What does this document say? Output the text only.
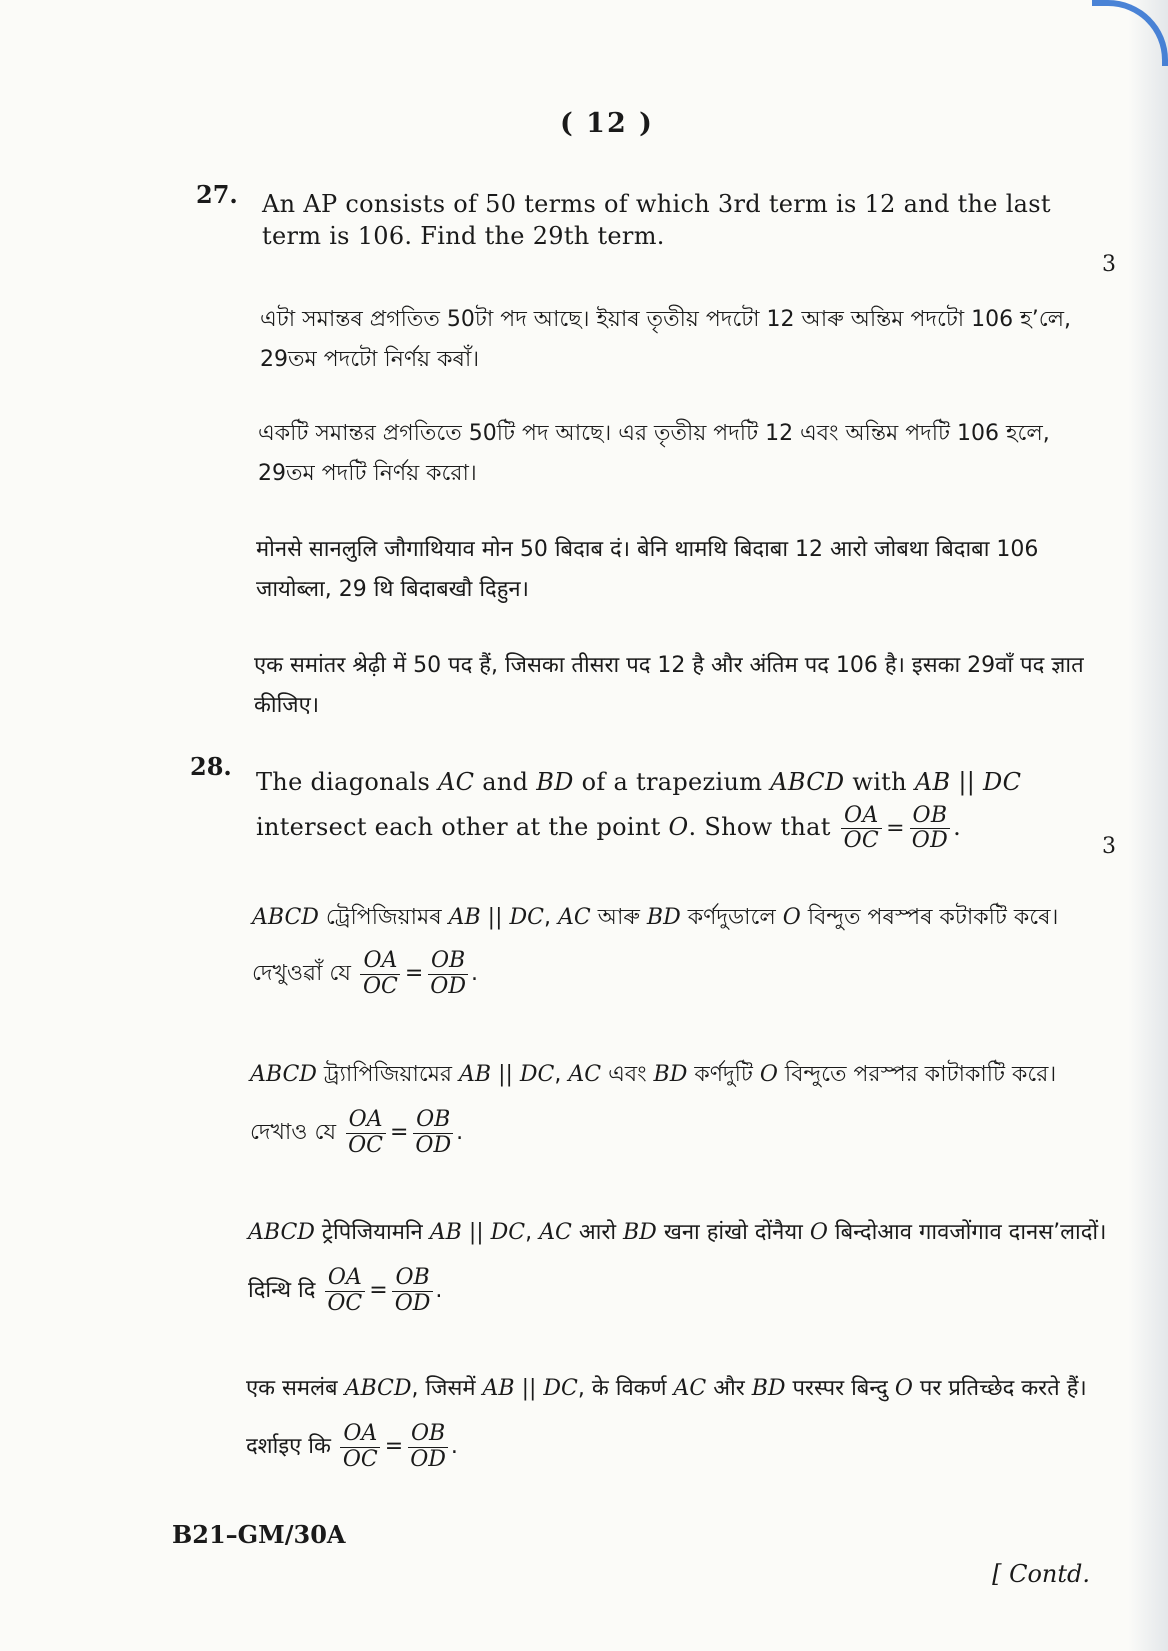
( 12 )
27.
3
An AP consists of 50 terms of which 3rd term is 12 and the last term is 106. Find the 29th term.
এটা সমান্তৰ প্ৰগতিত 50টা পদ আছে। ইয়াৰ তৃতীয় পদটো 12 আৰু অন্তিম পদটো 106 হ’লে, 29তম পদটো নিৰ্ণয় কৰাঁ।
একটি সমান্তর প্রগতিতে 50টি পদ আছে। এর তৃতীয় পদটি 12 এবং অন্তিম পদটি 106 হলে, 29তম পদটি নির্ণয় করো।
मोनसे सानलुलि जौगाथियाव मोन 50 बिदाब दं। बेनि थामथि बिदाबा 12 आरो जोबथा बिदाबा 106 जायोब्ला, 29 थि बिदाबखौ दिहुन।
एक समांतर श्रेढ़ी में 50 पद हैं, जिसका तीसरा पद 12 है और अंतिम पद 106 है। इसका 29वाँ पद ज्ञात कीजिए।
28.
3
The diagonals AC and BD of a trapezium ABCD with AB || DC intersect each other at the point O. Show that $\frac{OA}{OC} = \frac{OB}{OD}$ .
ABCD ট্ৰেপিজিয়ামৰ AB || DC, AC আৰু BD কৰ্ণদুডালে O বিন্দুত পৰস্পৰ কটাকটি কৰে। দেখুওৱাঁ যে $\frac{OA}{OC} = \frac{OB}{OD}$ .
ABCD ট্র্যাপিজিয়ামের AB || DC, AC এবং BD কর্ণদুটি O বিন্দুতে পরস্পর কাটাকাটি করে। দেখাও যে $\frac{OA}{OC} = \frac{OB}{OD}$ .
ABCD ट्रेपिजियामनि AB || DC, AC आरो BD खना हांखो दोंनैया O बिन्दोआव गावजोंगाव दानस’लादों। दिन्थि दि $\frac{OA}{OC} = \frac{OB}{OD}$ .
एक समलंब ABCD, जिसमें AB || DC, के विकर्ण AC और BD परस्पर बिन्दु O पर प्रतिच्छेद करते हैं। दर्शाइए कि $\frac{OA}{OC} = \frac{OB}{OD}$ .
B21–GM/30A
[ Contd.
